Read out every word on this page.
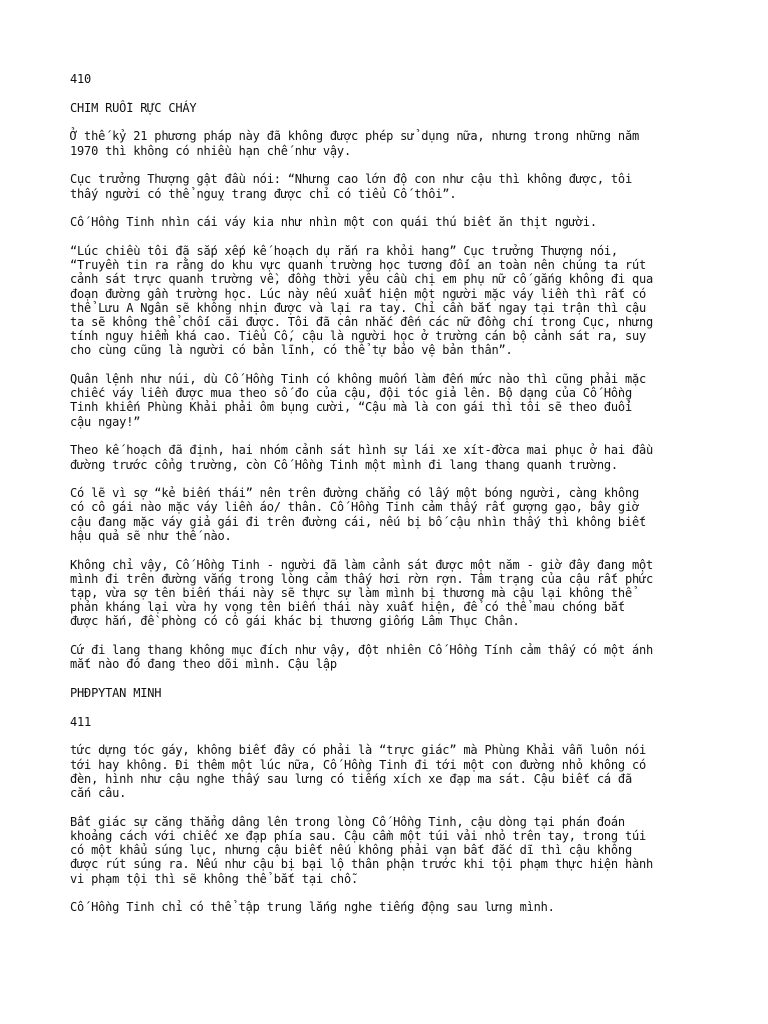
410

CHIM RUỒI RỰC CHÁY

Ở thế kỷ 21 phương pháp này đã không được phép sử dụng nữa, nhưng trong những năm
1970 thì không có nhiều hạn chế như vậy.

Cục trưởng Thượng gật đầu nói: “Nhưng cao lớn độ con như cậu thì không được, tôi
thấy người có thể nguỵ trang được chỉ có tiểu Cố thôi”.

Cố Hồng Tinh nhìn cái váy kia như nhìn một con quái thú biết ăn thịt người.

“Lúc chiều tôi đã sắp xếp kế hoạch dụ rắn ra khỏi hang” Cục trưởng Thượng nói,
“Truyền tin ra rằng do khu vực quanh trường học tương đối an toàn nên chúng ta rút
cảnh sát trực quanh trường về, đồng thời yêu cầu chị em phụ nữ cố gắng không đi qua
đoạn đường gần trường học. Lúc này nếu xuất hiện một người mặc váy liền thì rất có
thể Lưu A Ngân sẽ không nhịn được và lại ra tay. Chỉ cần bắt ngay tại trận thì cậu
ta sẽ không thể chối cãi được. Tôi đã cân nhắc đến các nữ đồng chí trong Cục, nhưng
tính nguy hiểm khá cao. Tiểu Cố, cậu là người học ở trường cán bộ cảnh sát ra, suy
cho cùng cũng là người có bản lĩnh, có thể tự bảo vệ bản thân”.

Quân lệnh như núi, dù Cố Hồng Tinh có không muốn làm đến mức nào thì cũng phải mặc
chiếc váy liền được mua theo số đo của cậu, đội tóc giả lên. Bộ dạng của Cố Hồng
Tinh khiến Phùng Khải phải ôm bụng cười, “Cậu mà là con gái thì tôi sẽ theo đuổi
cậu ngay!”

Theo kế hoạch đã định, hai nhóm cảnh sát hình sự lái xe xít-đờca mai phục ở hai đầu
đường trước cổng trường, còn Cố Hồng Tinh một mình đi lang thang quanh trường.

Có lẽ vì sợ “kẻ biến thái” nên trên đường chẳng có lấy một bóng người, càng không
có cô gái nào mặc váy liền áo/ thân. Cố Hồng Tinh cảm thấy rất gượng gạo, bây giờ
cậu đang mặc váy giả gái đi trên đường cái, nếu bị bố cậu nhìn thấy thì không biết
hậu quả sẽ như thế nào.

Không chỉ vậy, Cố Hồng Tinh - người đã làm cảnh sát được một năm - giờ đây đang một
mình đi trên đường vắng trong lòng cảm thấy hơi rờn rợn. Tâm trạng của cậu rất phức
tạp, vừa sợ tên biến thái này sẽ thực sự làm mình bị thương mà cậu lại không thể
phản kháng lại vừa hy vọng tên biến thái này xuất hiện, để có thể mau chóng bắt
được hắn, đề phòng có cô gái khác bị thương giống Lâm Thục Chân.

Cứ đi lang thang không mục đích như vậy, đột nhiên Cố Hồng Tính cảm thấy có một ánh
mắt nào đó đang theo dõi mình. Cậu lập

PHĐPYTAN MINH

411

tức dựng tóc gáy, không biết đây có phải là “trực giác” mà Phùng Khải vẫn luôn nói
tới hay không. Đi thêm một lúc nữa, Cố Hồng Tinh đi tới một con đường nhỏ không có
đèn, hình như cậu nghe thấy sau lưng có tiếng xích xe đạp ma sát. Cậu biết cá đã
cắn câu.

Bất giác sự căng thẳng dâng lên trong lòng Cố Hồng Tinh, cậu dòng tại phán đoán
khoảng cách với chiếc xe đạp phía sau. Cậu cầm một túi vải nhỏ trên tay, trong túi
có một khẩu súng lục, nhưng cậu biết nếu không phải vạn bất đắc dĩ thì cậu không
được rút súng ra. Nếu như cậu bị bại lộ thân phận trước khi tội phạm thực hiện hành
vi phạm tội thì sẽ không thể bắt tại chỗ.

Cố Hồng Tinh chỉ có thể tập trung lắng nghe tiếng động sau lưng mình.
